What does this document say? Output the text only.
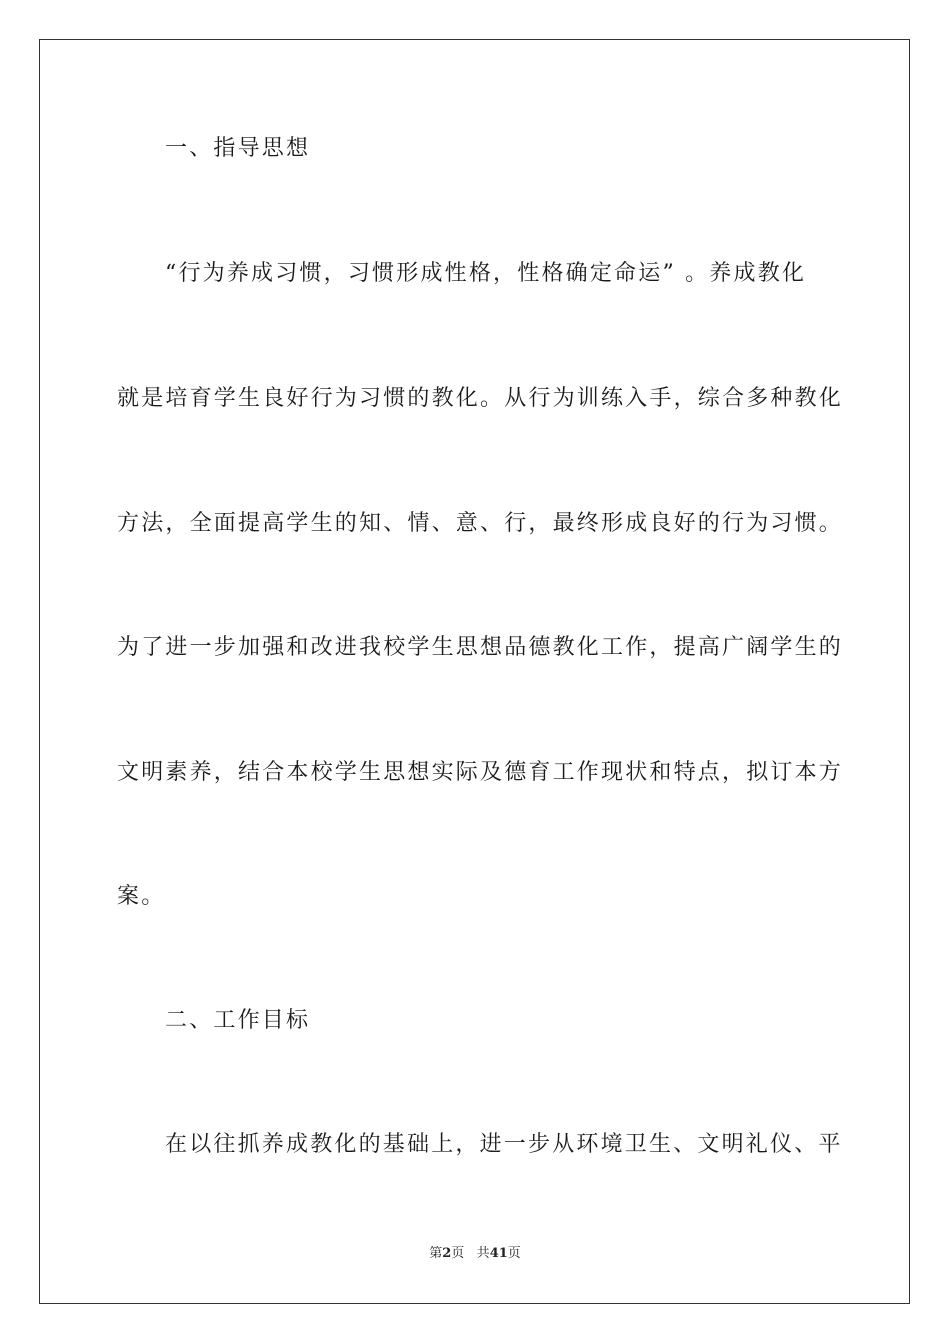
一、指导思想
“行为养成习惯，习惯形成性格，性格确定命运” 。养成教化
就是培育学生良好行为习惯的教化。从行为训练入手，综合多种教化
方法，全面提高学生的知、情、意、行，最终形成良好的行为习惯。
为了进一步加强和改进我校学生思想品德教化工作，提高广阔学生的
文明素养，结合本校学生思想实际及德育工作现状和特点，拟订本方
案。
二、工作目标
在以往抓养成教化的基础上，进一步从环境卫生、文明礼仪、平
第2页 共41页
